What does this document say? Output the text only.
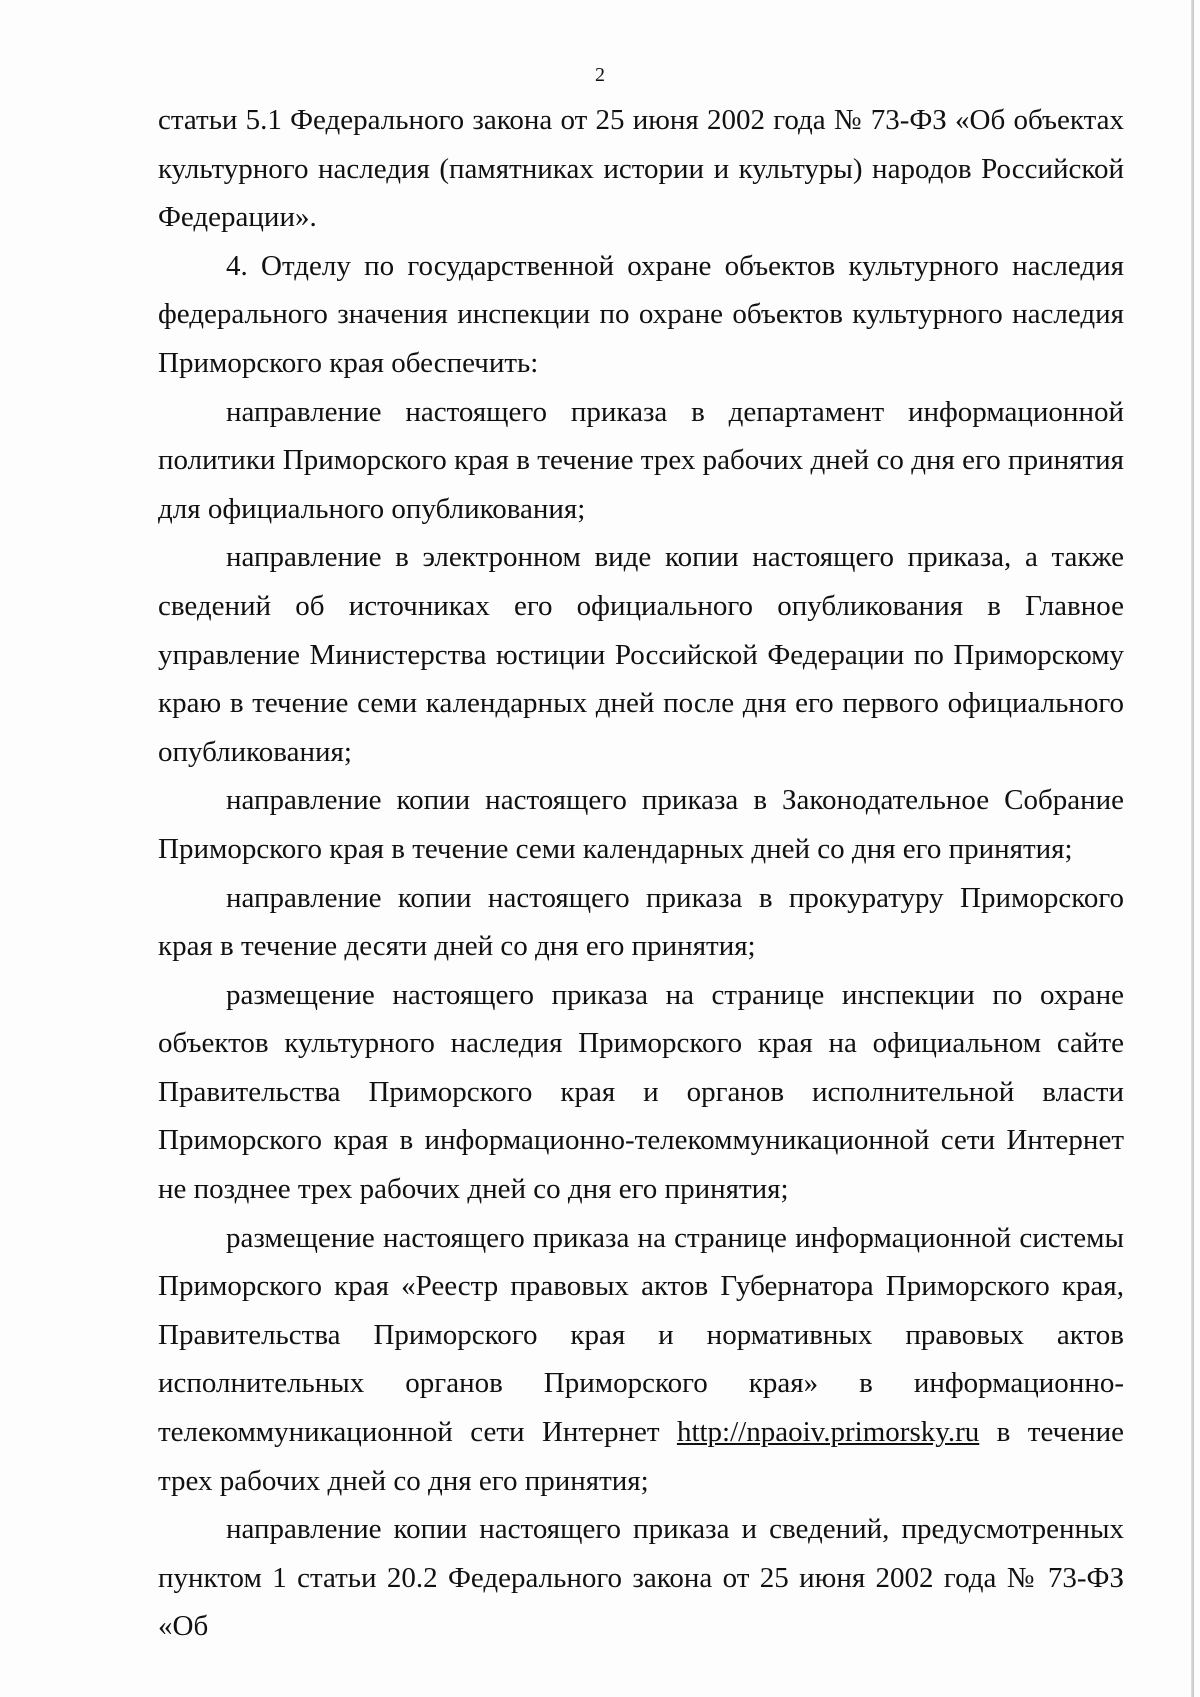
2

статьи 5.1 Федерального закона от 25 июня 2002 года № 73-ФЗ «Об объектах культурного наследия (памятниках истории и культуры) народов Российской Федерации».

4. Отделу по государственной охране объектов культурного наследия федерального значения инспекции по охране объектов культурного наследия Приморского края обеспечить:

направление настоящего приказа в департамент информационной политики Приморского края в течение трех рабочих дней со дня его принятия для официального опубликования;

направление в электронном виде копии настоящего приказа, а также сведений об источниках его официального опубликования в Главное управление Министерства юстиции Российской Федерации по Приморскому краю в течение семи календарных дней после дня его первого официального опубликования;

направление копии настоящего приказа в Законодательное Собрание Приморского края в течение семи календарных дней со дня его принятия;

направление копии настоящего приказа в прокуратуру Приморского края в течение десяти дней со дня его принятия;

размещение настоящего приказа на странице инспекции по охране объектов культурного наследия Приморского края на официальном сайте Правительства Приморского края и органов исполнительной власти Приморского края в информационно-телекоммуникационной сети Интернет не позднее трех рабочих дней со дня его принятия;

размещение настоящего приказа на странице информационной системы Приморского края «Реестр правовых актов Губернатора Приморского края, Правительства Приморского края и нормативных правовых актов исполнительных органов Приморского края» в информационно-телекоммуникационной сети Интернет http://npaoiv.primorsky.ru в течение трех рабочих дней со дня его принятия;

направление копии настоящего приказа и сведений, предусмотренных пунктом 1 статьи 20.2 Федерального закона от 25 июня 2002 года № 73-ФЗ «Об
